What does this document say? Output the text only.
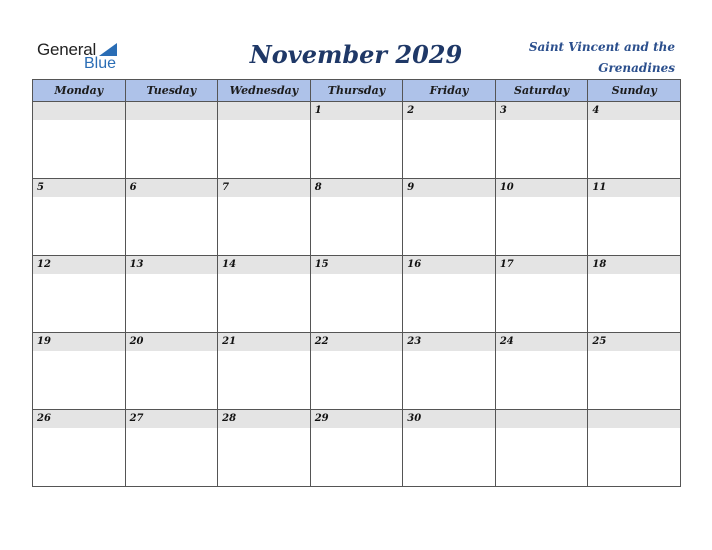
General
Blue	November 2029	Saint Vincent and the
Grenadines
Monday	Tuesday	Wednesday	Thursday	Friday	Saturday	Sunday

			1	2	3	4

5	6	7	8	9	10	11

12	13	14	15	16	17	18

19	20	21	22	23	24	25

26	27	28	29	30		
